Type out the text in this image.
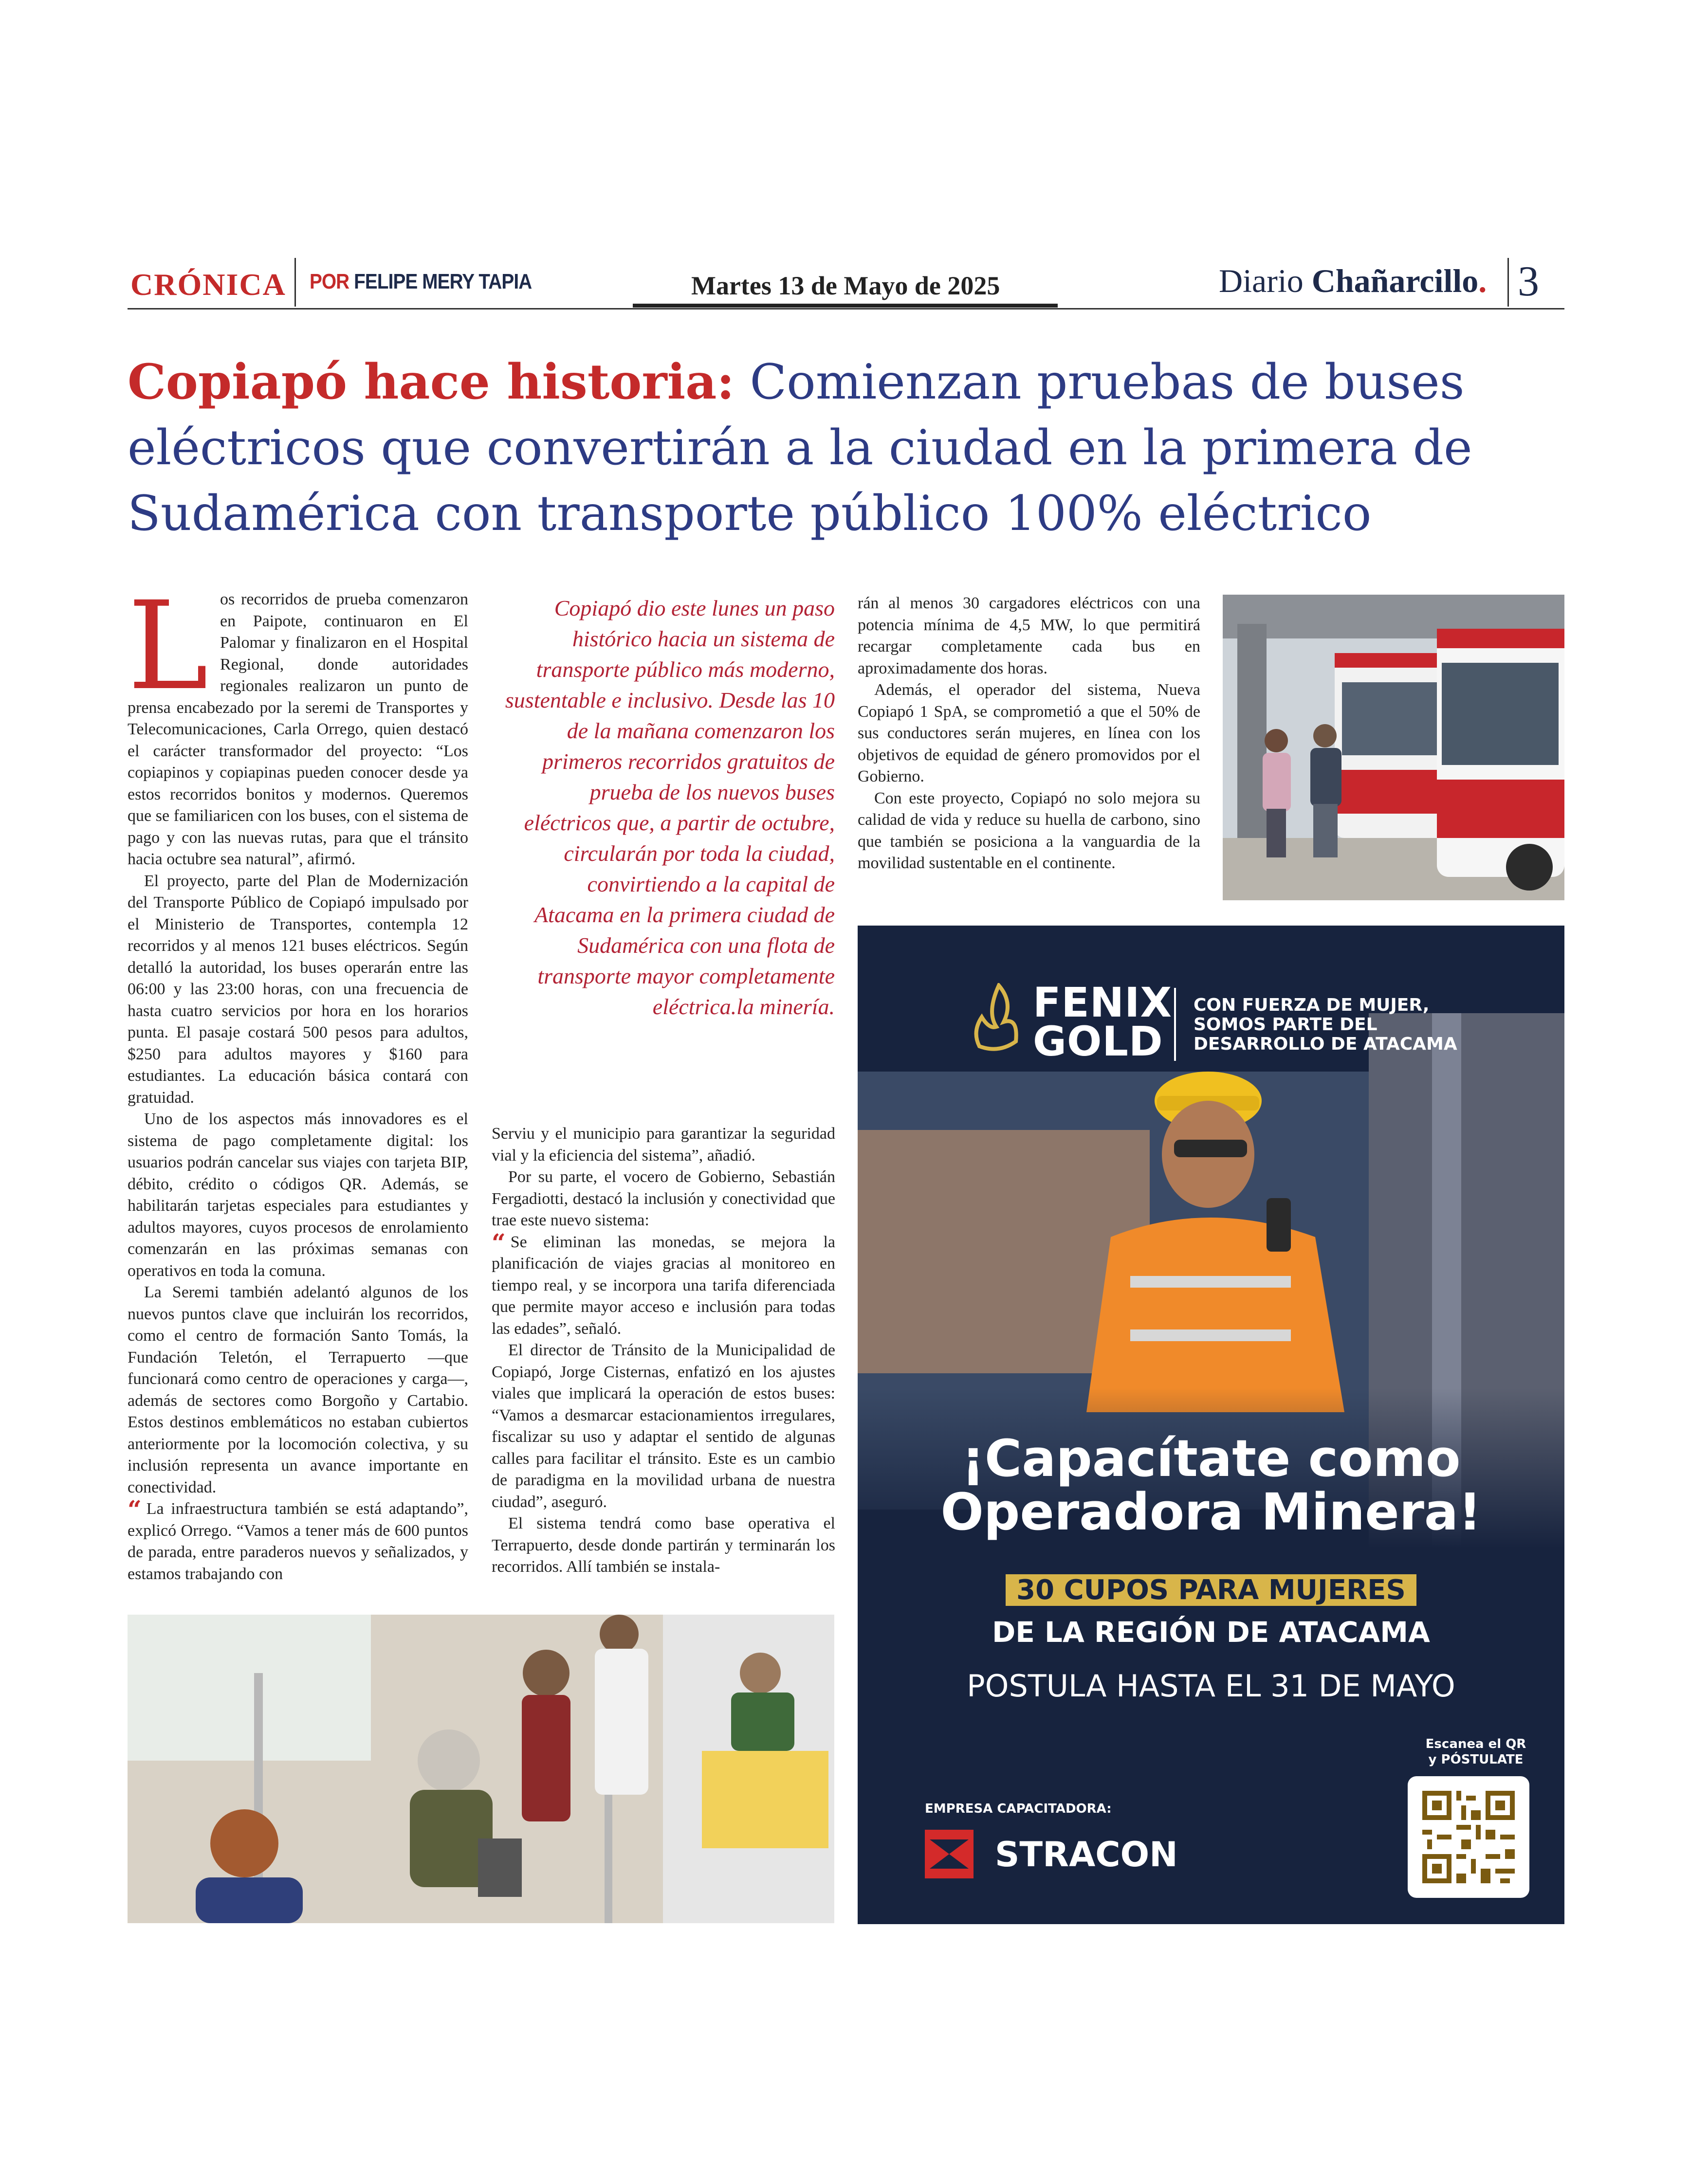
CRÓNICA POR FELIPE MERY TAPIA	Martes 13 de Mayo de 2025	Diario Chañarcillo. 3
Copiapó hace historia: Comienzan pruebas de buses eléctricos que convertirán a la ciudad en la primera de Sudamérica con transporte público 100% eléctrico
L os recorridos de prueba comenzaron en Paipote, continuaron en El Palomar y finalizaron en el Hospital Regional, donde autoridades regionales realizaron un punto de prensa encabezado por la seremi de Transportes y Telecomunicaciones, Carla Orrego, quien destacó el carácter transformador del proyecto: “Los copiapinos y copiapinas pueden conocer desde ya estos recorridos bonitos y modernos. Queremos que se familiaricen con los buses, con el sistema de pago y con las nuevas rutas, para que el tránsito hacia octubre sea natural”, afirmó.

El proyecto, parte del Plan de Modernización del Transporte Público de Copiapó impulsado por el Ministerio de Transportes, contempla 12 recorridos y al menos 121 buses eléctricos. Según detalló la autoridad, los buses operarán entre las 06:00 y las 23:00 horas, con una frecuencia de hasta cuatro servicios por hora en los horarios punta. El pasaje costará 500 pesos para adultos, $250 para adultos mayores y $160 para estudiantes. La educación básica contará con gratuidad.

Uno de los aspectos más innovadores es el sistema de pago completamente digital: los usuarios podrán cancelar sus viajes con tarjeta BIP, débito, crédito o códigos QR. Además, se habilitarán tarjetas especiales para estudiantes y adultos mayores, cuyos procesos de enrolamiento comenzarán en las próximas semanas con operativos en toda la comuna.

La Seremi también adelantó algunos de los nuevos puntos clave que incluirán los recorridos, como el centro de formación Santo Tomás, la Fundación Teletón, el Terrapuerto —que funcionará como centro de operaciones y carga—, además de sectores como Borgoño y Cartabio. Estos destinos emblemáticos no estaban cubiertos anteriormente por la locomoción colectiva, y su inclusión representa un avance importante en conectividad.

“ La infraestructura también se está adaptando”, explicó Orrego. “Vamos a tener más de 600 puntos de parada, entre paraderos nuevos y señalizados, y estamos trabajando con

Copiapó dio este lunes un paso histórico hacia un sistema de transporte público más moderno, sustentable e inclusivo. Desde las 10 de la mañana comenzaron los primeros recorridos gratuitos de prueba de los nuevos buses eléctricos que, a partir de octubre, circularán por toda la ciudad, convirtiendo a la capital de Atacama en la primera ciudad de Sudamérica con una flota de transporte mayor completamente eléctrica.la minería.

Serviu y el municipio para garantizar la seguridad vial y la eficiencia del sistema”, añadió.

Por su parte, el vocero de Gobierno, Sebastián Fergadiotti, destacó la inclusión y conectividad que trae este nuevo sistema:

“ Se eliminan las monedas, se mejora la planificación de viajes gracias al monitoreo en tiempo real, y se incorpora una tarifa diferenciada que permite mayor acceso e inclusión para todas las edades”, señaló.

El director de Tránsito de la Municipalidad de Copiapó, Jorge Cisternas, enfatizó en los ajustes viales que implicará la operación de estos buses: “Vamos a desmarcar estacionamientos irregulares, fiscalizar su uso y adaptar el sentido de algunas calles para facilitar el tránsito. Este es un cambio de paradigma en la movilidad urbana de nuestra ciudad”, aseguró.

El sistema tendrá como base operativa el Terrapuerto, desde donde partirán y terminarán los recorridos. Allí también se instala-

rán al menos 30 cargadores eléctricos con una potencia mínima de 4,5 MW, lo que permitirá recargar completamente cada bus en aproximadamente dos horas.

Además, el operador del sistema, Nueva Copiapó 1 SpA, se comprometió a que el 50% de sus conductores serán mujeres, en línea con los objetivos de equidad de género promovidos por el Gobierno.

Con este proyecto, Copiapó no solo mejora su calidad de vida y reduce su huella de carbono, sino que también se posiciona a la vanguardia de la movilidad sustentable en el continente.

FENIX
GOLD
CON FUERZA DE MUJER,
SOMOS PARTE DEL
DESARROLLO DE ATACAMA
¡Capacítate como
Operadora Minera!
30 CUPOS PARA MUJERES
DE LA REGIÓN DE ATACAMA
POSTULA HASTA EL 31 DE MAYO
EMPRESA CAPACITADORA:
STRACON
Escanea el QR
y PÓSTULATE
